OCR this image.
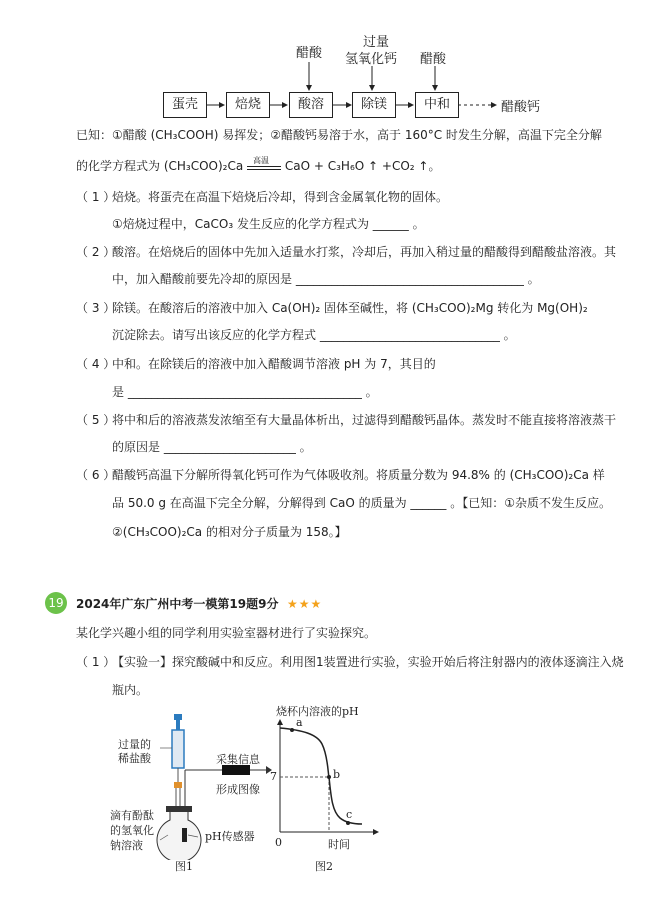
醋酸
过量
氢氧化钙 醋酸
蛋壳	焙烧	酸溶	除镁	中和	醋酸钙
已知：①醋酸 (CH₃COOH) 易挥发；②醋酸钙易溶于水，高于 160°C 时发生分解，高温下完全分解
的化学方程式为 (CH₃COO)₂Ca 高温 CaO + C₃H₆O ↑ +CO₂ ↑。
（ 1 ）
焙烧。将蛋壳在高温下焙烧后冷却，得到含金属氧化物的固体。
①焙烧过程中，CaCO₃ 发生反应的化学方程式为 ______ 。
（ 2 ）
酸溶。在焙烧后的固体中先加入适量水打浆，冷却后，再加入稍过量的醋酸得到醋酸盐溶液。其
中，加入醋酸前要先冷却的原因是 ______________________________________ 。
（ 3 ）
除镁。在酸溶后的溶液中加入 Ca(OH)₂ 固体至碱性，将 (CH₃COO)₂Mg 转化为 Mg(OH)₂
沉淀除去。请写出该反应的化学方程式 ______________________________ 。
（ 4 ）
中和。在除镁后的溶液中加入醋酸调节溶液 pH 为 7，其目的
是 _______________________________________ 。
（ 5 ）
将中和后的溶液蒸发浓缩至有大量晶体析出，过滤得到醋酸钙晶体。蒸发时不能直接将溶液蒸干
的原因是 ______________________ 。
（ 6 ）
醋酸钙高温下分解所得氧化钙可作为气体吸收剂。将质量分数为 94.8% 的 (CH₃COO)₂Ca 样
品 50.0 g 在高温下完全分解，分解得到 CaO 的质量为 ______ 。【已知：①杂质不发生反应。
②(CH₃COO)₂Ca 的相对分子质量为 158。】
19 2024年广东广州中考一模第19题9分 ★★★
某化学兴趣小组的同学利用实验室器材进行了实验探究。
（ 1 ）
【实验一】探究酸碱中和反应。利用图1装置进行实验，实验开始后将注射器内的液体逐滴注入烧
瓶内。
过量的
稀盐酸	采集信息
形成图像
滴有酚酞
的氢氧化
钠溶液
pH传感器
图1
烧杯内溶液的pH
a
b
c
7
0	时间
图2
